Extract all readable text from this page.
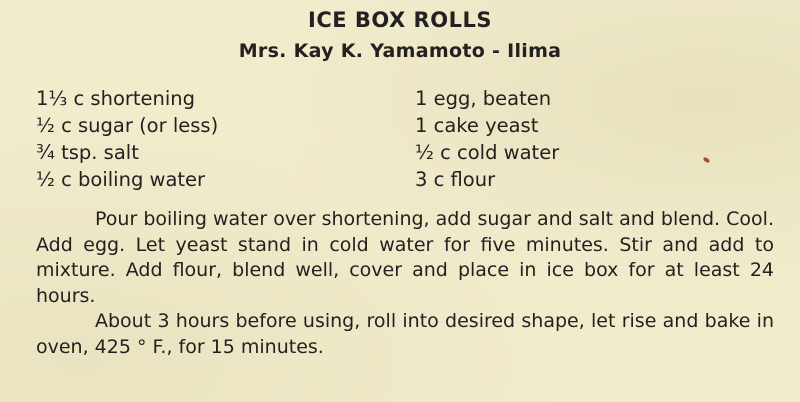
ICE BOX ROLLS
Mrs. Kay K. Yamamoto - Ilima
1⅓ c shortening
½ c sugar (or less)
¾ tsp. salt
½ c boiling water
1 egg, beaten
1 cake yeast
½ c cold water
3 c flour

Pour boiling water over shortening, add sugar and salt and blend. Cool. Add egg. Let yeast stand in cold water for five minutes. Stir and add to mixture. Add flour, blend well, cover and place in ice box for at least 24 hours.

About 3 hours before using, roll into desired shape, let rise and bake in oven, 425 ° F., for 15 minutes.
